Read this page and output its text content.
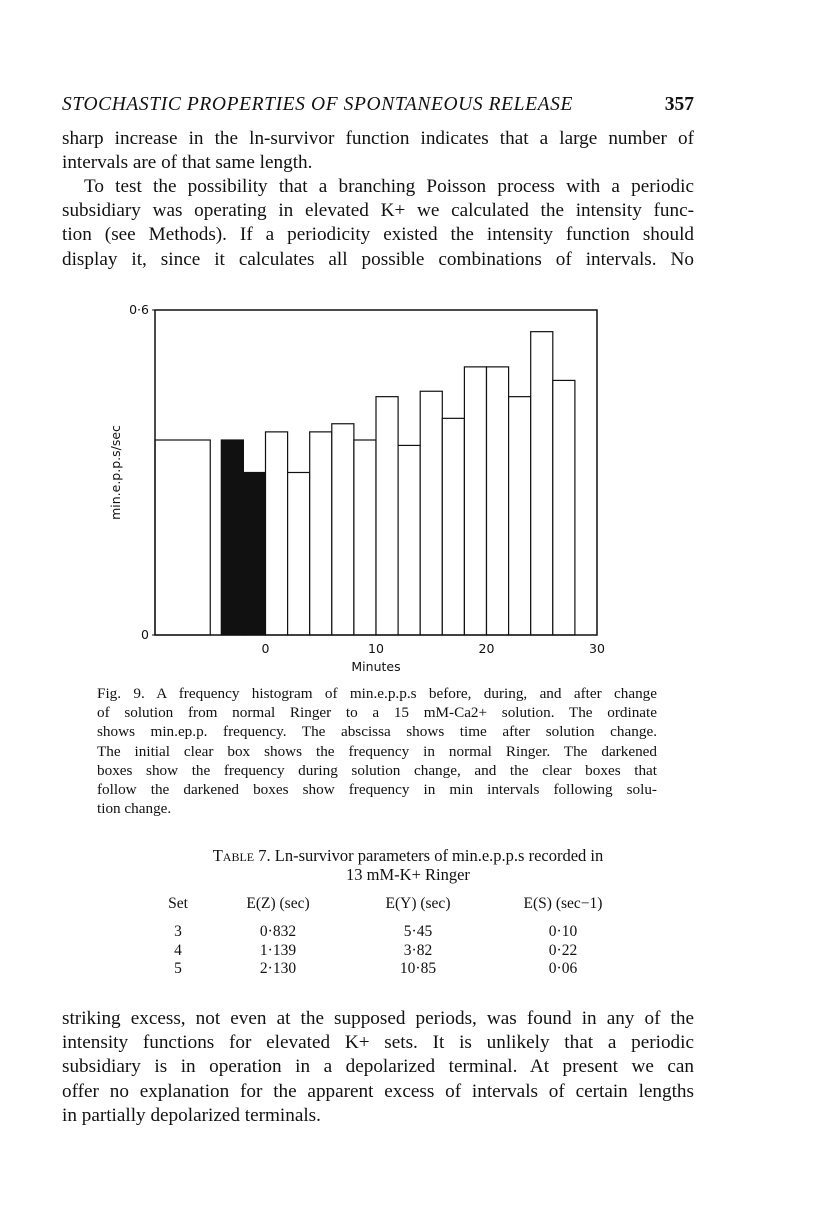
STOCHASTIC PROPERTIES OF SPONTANEOUS RELEASE	357
sharp increase in the ln-survivor function indicates that a large number of
intervals are of that same length.
To test the possibility that a branching Poisson process with a periodic
subsidiary was operating in elevated K+ we calculated the intensity func-
tion (see Methods). If a periodicity existed the intensity function should
display it, since it calculates all possible combinations of intervals. No
0	10	20	30
0
0·6
Minutes
min.e.p.p.s/sec
Fig. 9. A frequency histogram of min.e.p.p.s before, during, and after change
of solution from normal Ringer to a 15 mM-Ca2+ solution. The ordinate
shows min.ep.p. frequency. The abscissa shows time after solution change.
The initial clear box shows the frequency in normal Ringer. The darkened
boxes show the frequency during solution change, and the clear boxes that
follow the darkened boxes show frequency in min intervals following solu-
tion change.
Table 7. Ln-survivor parameters of min.e.p.p.s recorded in
13 mM-K+ Ringer
Set	E(Z) (sec)	E(Y) (sec)	E(S) (sec−1)
3	0·832	5·45	0·10
4	1·139	3·82	0·22
5	2·130	10·85	0·06
striking excess, not even at the supposed periods, was found in any of the
intensity functions for elevated K+ sets. It is unlikely that a periodic
subsidiary is in operation in a depolarized terminal. At present we can
offer no explanation for the apparent excess of intervals of certain lengths
in partially depolarized terminals.
